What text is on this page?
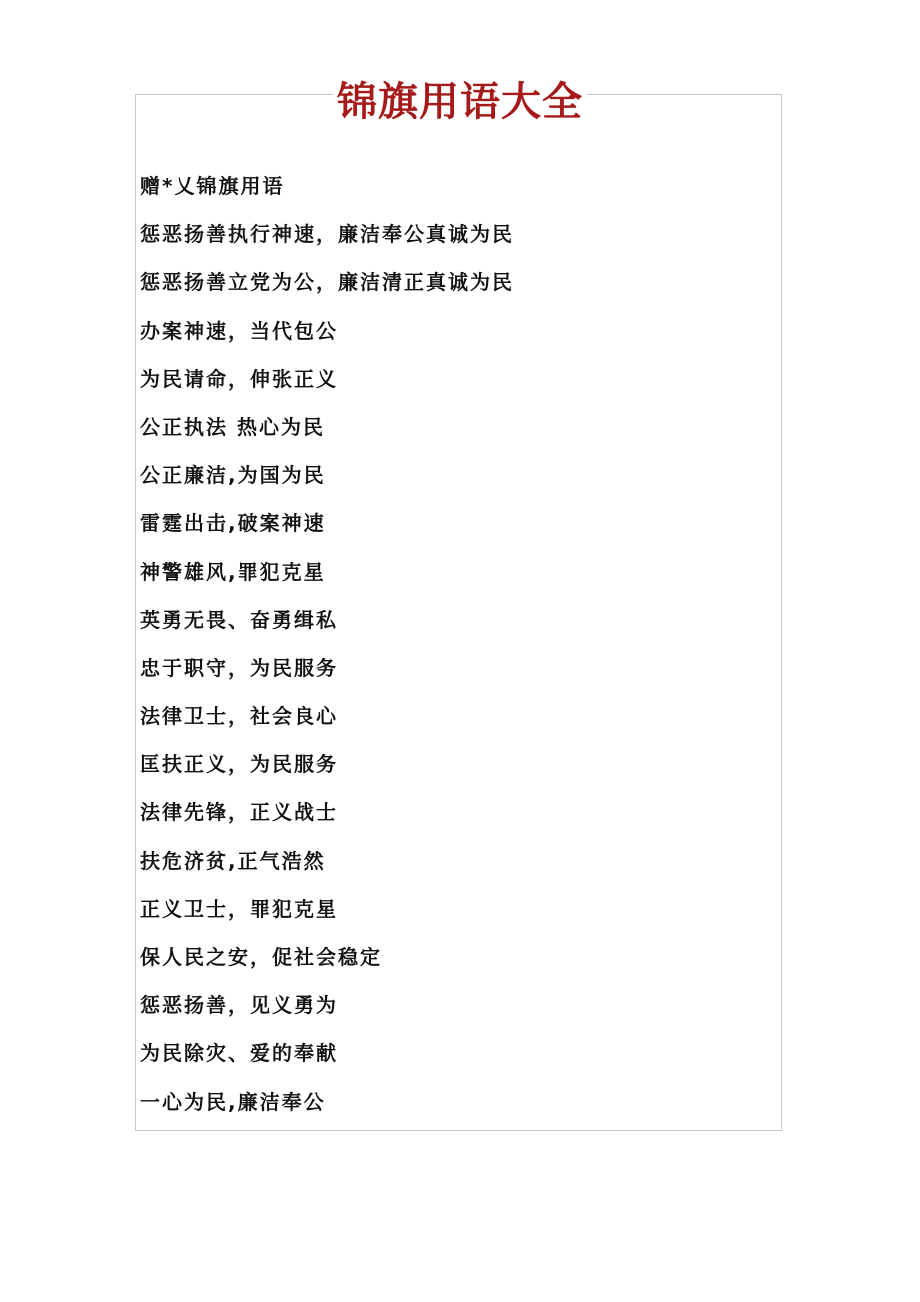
锦旗用语大全
赠*乂锦旗用语
惩恶扬善执行神速，廉洁奉公真诚为民
惩恶扬善立党为公，廉洁清正真诚为民
办案神速，当代包公
为民请命，伸张正义
公正执法 热心为民
公正廉洁,为国为民
雷霆出击,破案神速
神警雄风,罪犯克星
英勇无畏、奋勇缉私
忠于职守，为民服务
法律卫士，社会良心
匡扶正义，为民服务
法律先锋，正义战士
扶危济贫,正气浩然
正义卫士，罪犯克星
保人民之安，促社会稳定
惩恶扬善，见义勇为
为民除灾、爱的奉献
一心为民,廉洁奉公
